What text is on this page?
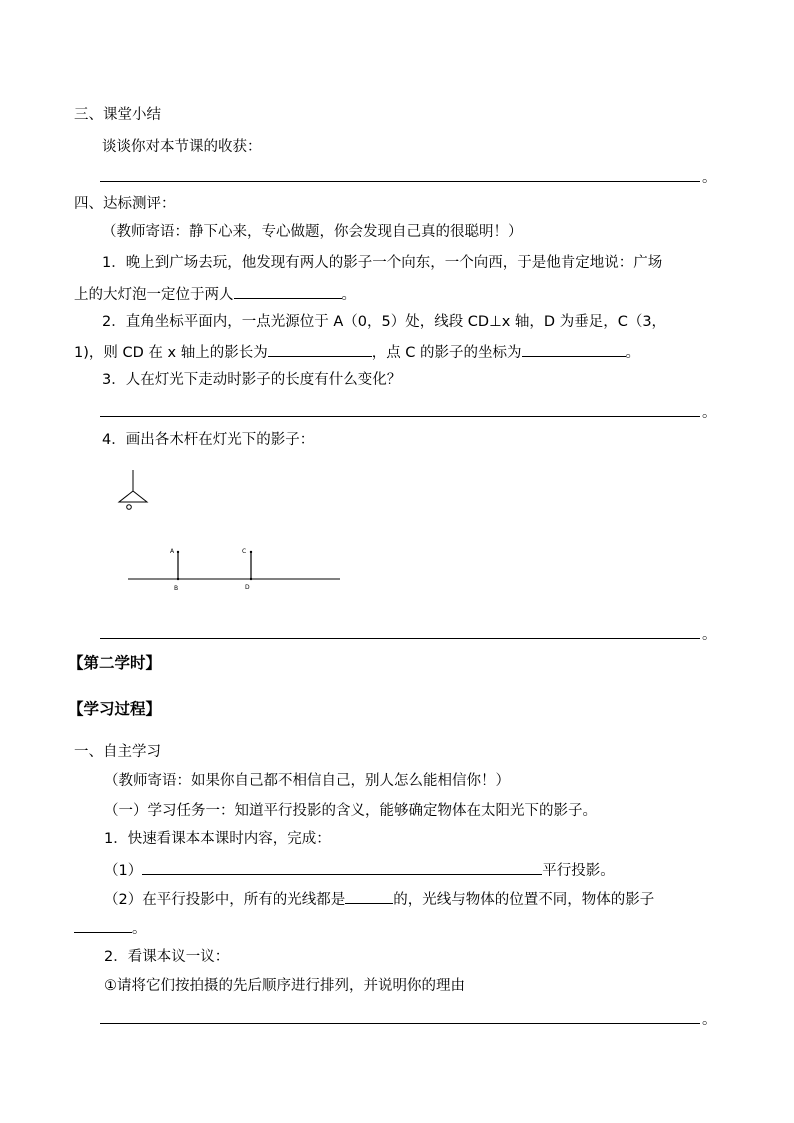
三、课堂小结
谈谈你对本节课的收获：
。
四、达标测评：
（教师寄语：静下心来，专心做题，你会发现自己真的很聪明！）
1．晚上到广场去玩，他发现有两人的影子一个向东，一个向西，于是他肯定地说：广场
上的大灯泡一定位于两人	。
2．直角坐标平面内，一点光源位于 A（0，5）处，线段 CD⊥x 轴，D 为垂足，C（3，
1)，则 CD 在 x 轴上的影长为	，点 C 的影子的坐标为	。
3．人在灯光下走动时影子的长度有什么变化？
。
4．画出各木杆在灯光下的影子：
A
B
C
D
。
【第二学时】
【学习过程】
一、自主学习
（教师寄语：如果你自己都不相信自己，别人怎么能相信你！）
（一）学习任务一：知道平行投影的含义，能够确定物体在太阳光下的影子。
1．快速看课本本课时内容，完成：
（1）	平行投影。
（2）在平行投影中，所有的光线都是	的，光线与物体的位置不同，物体的影子
。
2．看课本议一议：
①请将它们按拍摄的先后顺序进行排列，并说明你的理由
。
